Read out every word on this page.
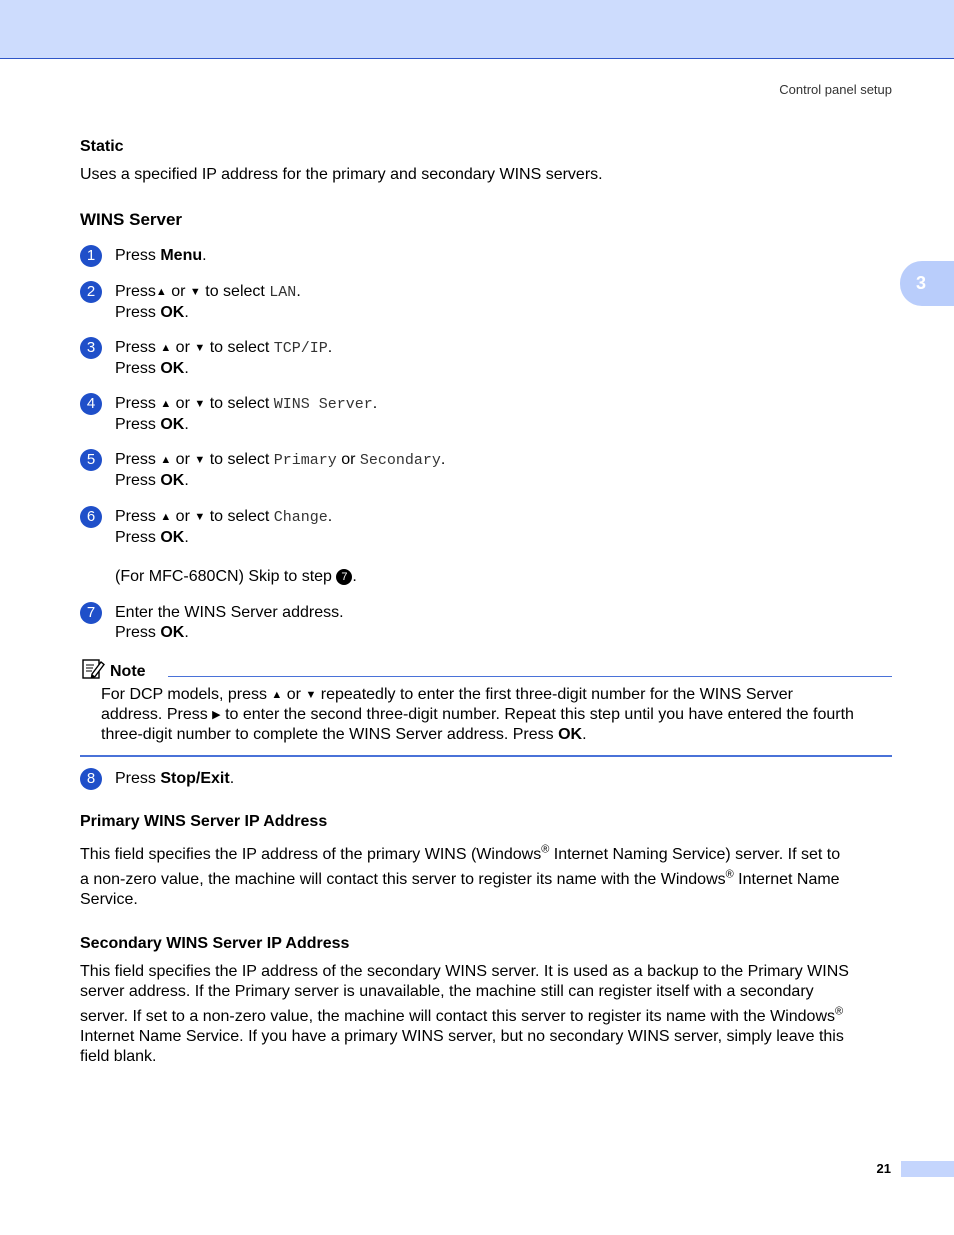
Control panel setup
3
Static
Uses a specified IP address for the primary and secondary WINS servers.
WINS Server
1	Press Menu.
2	Press▲ or ▼ to select LAN.
Press OK.
3	Press ▲ or ▼ to select TCP/IP.
Press OK.
4	Press ▲ or ▼ to select WINS Server.
Press OK.
5	Press ▲ or ▼ to select Primary or Secondary.
Press OK.
6	Press ▲ or ▼ to select Change.
Press OK.
(For MFC-680CN) Skip to step 7 .
7	Enter the WINS Server address.
Press OK.
Note
For DCP models, press ▲ or ▼ repeatedly to enter the first three-digit number for the WINS Server
address. Press ▶ to enter the second three-digit number. Repeat this step until you have entered the fourth
three-digit number to complete the WINS Server address. Press OK.
8	Press Stop/Exit.
Primary WINS Server IP Address
This field specifies the IP address of the primary WINS (Windows® Internet Naming Service) server. If set to
a non-zero value, the machine will contact this server to register its name with the Windows® Internet Name
Service.
Secondary WINS Server IP Address
This field specifies the IP address of the secondary WINS server. It is used as a backup to the Primary WINS
server address. If the Primary server is unavailable, the machine still can register itself with a secondary
server. If set to a non-zero value, the machine will contact this server to register its name with the Windows®
Internet Name Service. If you have a primary WINS server, but no secondary WINS server, simply leave this
field blank.
21
